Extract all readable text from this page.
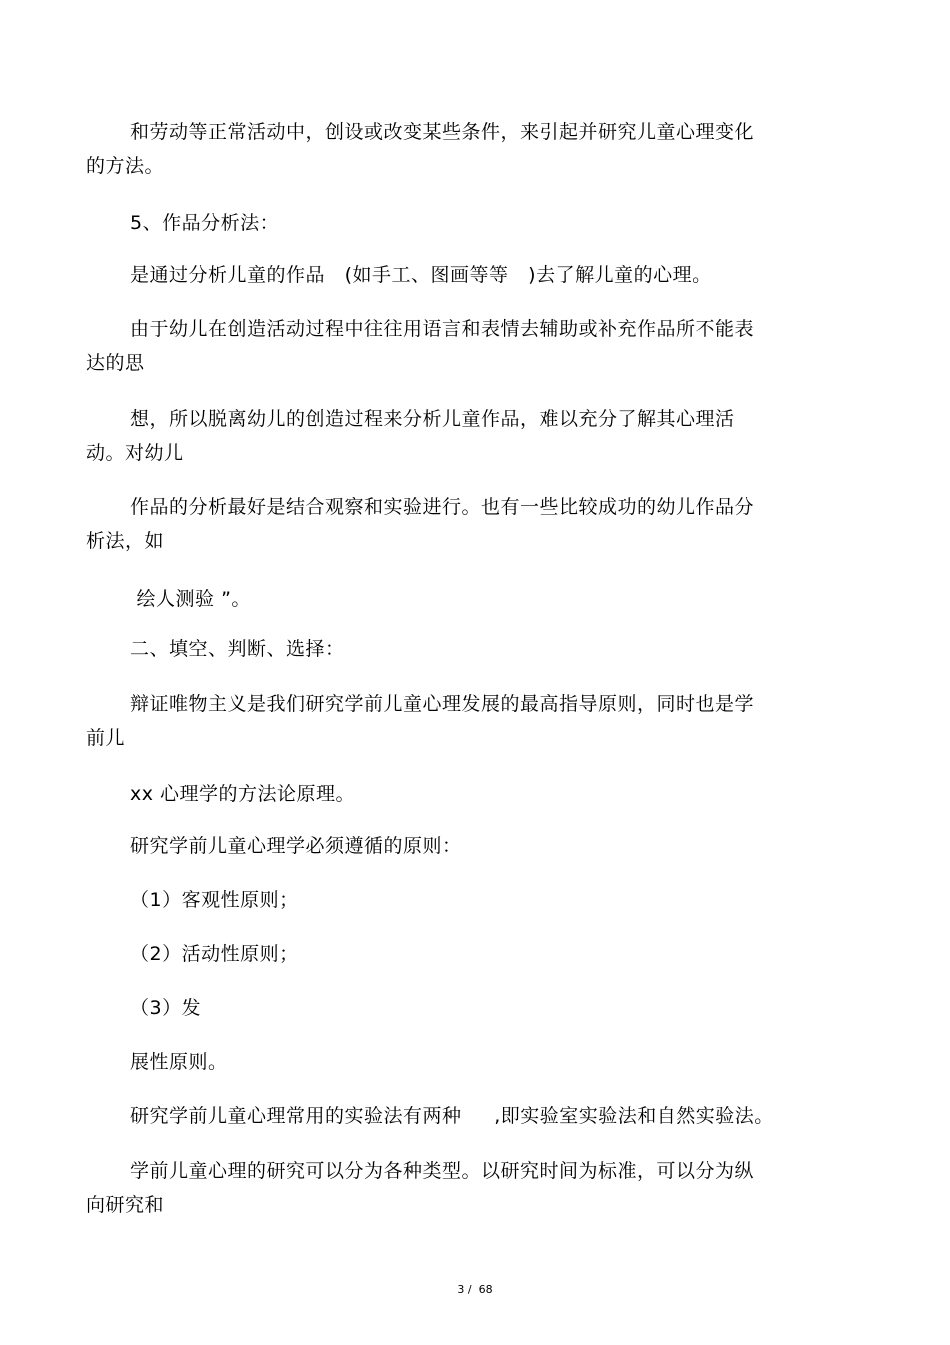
和劳动等正常活动中，创设或改变某些条件，来引起并研究儿童心理变化
的方法。
5、作品分析法：
是通过分析儿童的作品   (如手工、图画等等   )去了解儿童的心理。
由于幼儿在创造活动过程中往往用语言和表情去辅助或补充作品所不能表
达的思
想，所以脱离幼儿的创造过程来分析儿童作品，难以充分了解其心理活
动。对幼儿
作品的分析最好是结合观察和实验进行。也有一些比较成功的幼儿作品分
析法，如
绘人测验 ”。
二、填空、判断、选择：
辩证唯物主义是我们研究学前儿童心理发展的最高指导原则，同时也是学
前儿
xx 心理学的方法论原理。
研究学前儿童心理学必须遵循的原则：
（1）客观性原则；
（2）活动性原则；
（3）发
展性原则。
研究学前儿童心理常用的实验法有两种     ,即实验室实验法和自然实验法。
学前儿童心理的研究可以分为各种类型。以研究时间为标准，可以分为纵
向研究和
3 /  68
